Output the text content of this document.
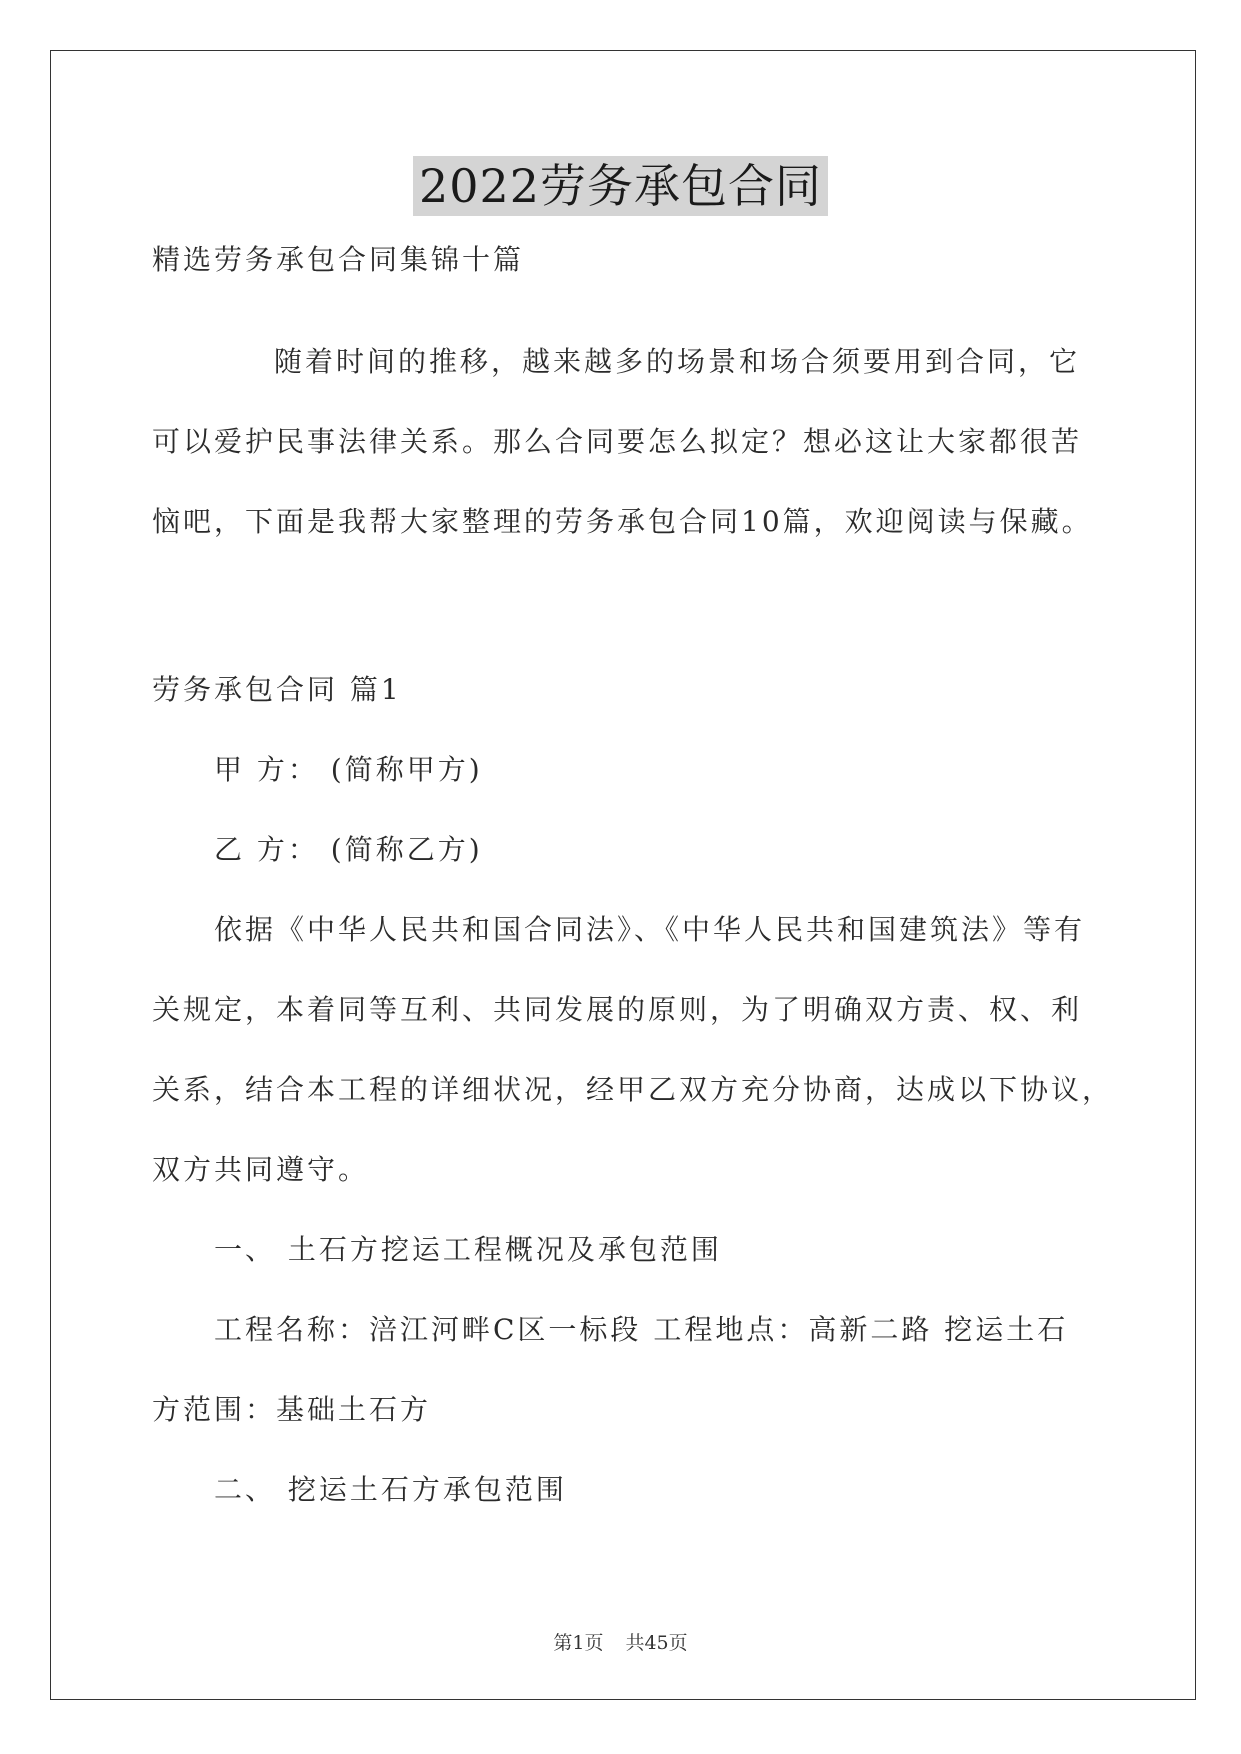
2022劳务承包合同
精选劳务承包合同集锦十篇
随着时间的推移，越来越多的场景和场合须要用到合同，它
可以爱护民事法律关系。那么合同要怎么拟定？想必这让大家都很苦
恼吧，下面是我帮大家整理的劳务承包合同10篇，欢迎阅读与保藏。
劳务承包合同 篇1
甲 方： (简称甲方)
乙 方： (简称乙方)
依据《中华人民共和国合同法》、《中华人民共和国建筑法》等有
关规定，本着同等互利、共同发展的原则，为了明确双方责、权、利
关系，结合本工程的详细状况，经甲乙双方充分协商，达成以下协议，
双方共同遵守。
一、 土石方挖运工程概况及承包范围
工程名称：涪江河畔C区一标段 工程地点：高新二路 挖运土石
方范围：基础土石方
二、 挖运土石方承包范围
第1页 共45页
